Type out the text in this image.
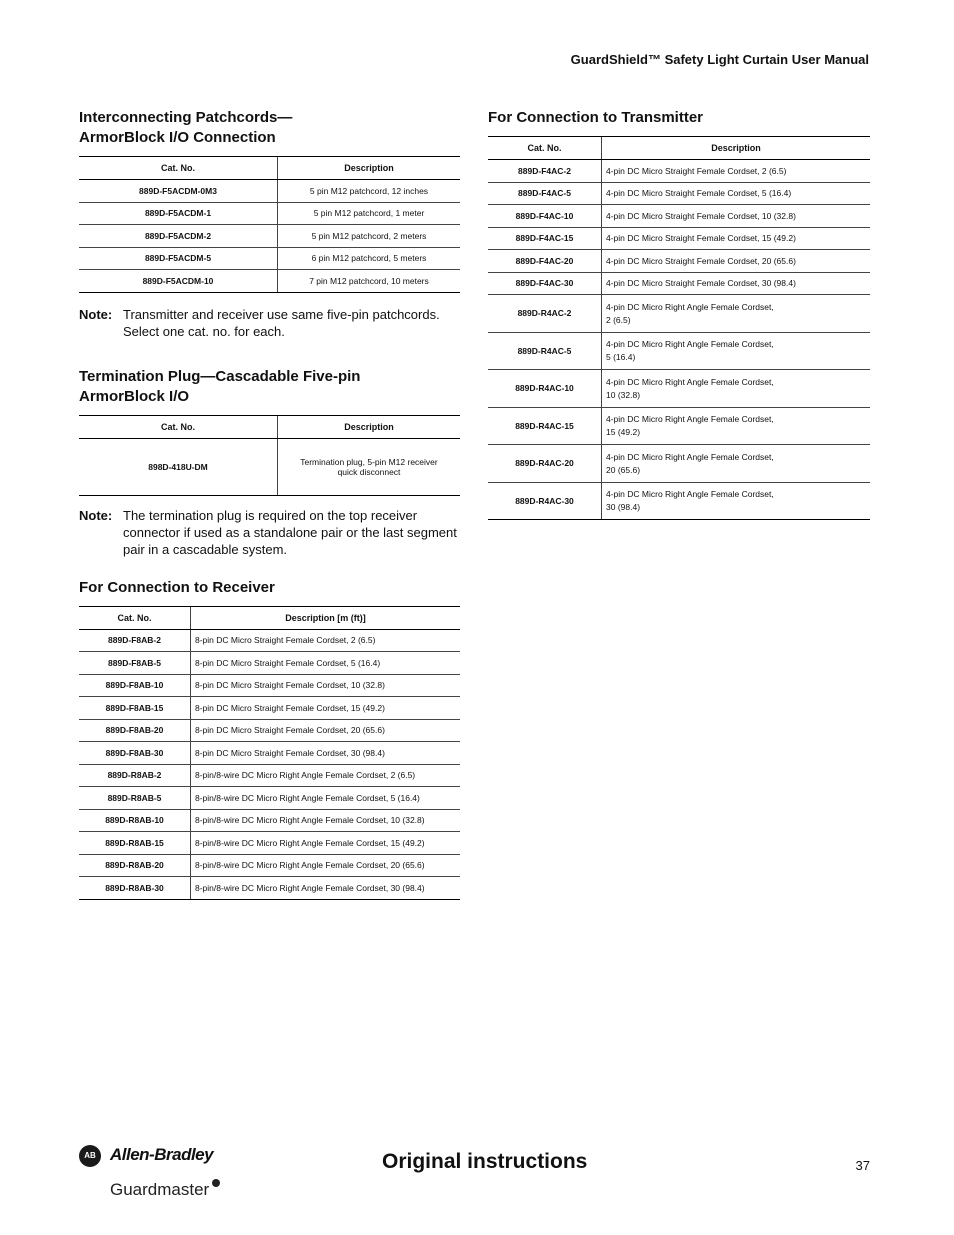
GuardShield™ Safety Light Curtain User Manual
Interconnecting Patchcords—
ArmorBlock I/O Connection
Cat. No.	Description
889D-F5ACDM-0M3	5 pin M12 patchcord, 12 inches
889D-F5ACDM-1	5 pin M12 patchcord, 1 meter
889D-F5ACDM-2	5 pin M12 patchcord, 2 meters
889D-F5ACDM-5	6 pin M12 patchcord, 5 meters
889D-F5ACDM-10	7 pin M12 patchcord, 10 meters
Note: Transmitter and receiver use same five-pin patchcords. Select one cat. no. for each.
Termination Plug—Cascadable Five-pin
ArmorBlock I/O
Cat. No.	Description
898D-418U-DM	Termination plug, 5-pin M12 receiver quick disconnect
Note: The termination plug is required on the top receiver connector if used as a standalone pair or the last segment pair in a cascadable system.
For Connection to Receiver
Cat. No.	Description [m (ft)]
889D-F8AB-2	8-pin DC Micro Straight Female Cordset, 2 (6.5)
889D-F8AB-5	8-pin DC Micro Straight Female Cordset, 5 (16.4)
889D-F8AB-10	8-pin DC Micro Straight Female Cordset, 10 (32.8)
889D-F8AB-15	8-pin DC Micro Straight Female Cordset, 15 (49.2)
889D-F8AB-20	8-pin DC Micro Straight Female Cordset, 20 (65.6)
889D-F8AB-30	8-pin DC Micro Straight Female Cordset, 30 (98.4)
889D-R8AB-2	8-pin/8-wire DC Micro Right Angle Female Cordset, 2 (6.5)
889D-R8AB-5	8-pin/8-wire DC Micro Right Angle Female Cordset, 5 (16.4)
889D-R8AB-10	8-pin/8-wire DC Micro Right Angle Female Cordset, 10 (32.8)
889D-R8AB-15	8-pin/8-wire DC Micro Right Angle Female Cordset, 15 (49.2)
889D-R8AB-20	8-pin/8-wire DC Micro Right Angle Female Cordset, 20 (65.6)
889D-R8AB-30	8-pin/8-wire DC Micro Right Angle Female Cordset, 30 (98.4)
For Connection to Transmitter
Cat. No.	Description
889D-F4AC-2	4-pin DC Micro Straight Female Cordset, 2 (6.5)
889D-F4AC-5	4-pin DC Micro Straight Female Cordset, 5 (16.4)
889D-F4AC-10	4-pin DC Micro Straight Female Cordset, 10 (32.8)
889D-F4AC-15	4-pin DC Micro Straight Female Cordset, 15 (49.2)
889D-F4AC-20	4-pin DC Micro Straight Female Cordset, 20 (65.6)
889D-F4AC-30	4-pin DC Micro Straight Female Cordset, 30 (98.4)
889D-R4AC-2	4-pin DC Micro Right Angle Female Cordset,
2 (6.5)

889D-R4AC-5	4-pin DC Micro Right Angle Female Cordset,
5 (16.4)

889D-R4AC-10	4-pin DC Micro Right Angle Female Cordset,
10 (32.8)

889D-R4AC-15	4-pin DC Micro Right Angle Female Cordset,
15 (49.2)

889D-R4AC-20	4-pin DC Micro Right Angle Female Cordset,
20 (65.6)

889D-R4AC-30	4-pin DC Micro Right Angle Female Cordset,
30 (98.4)
AB Allen-Bradley
Guardmaster
Original instructions	37
